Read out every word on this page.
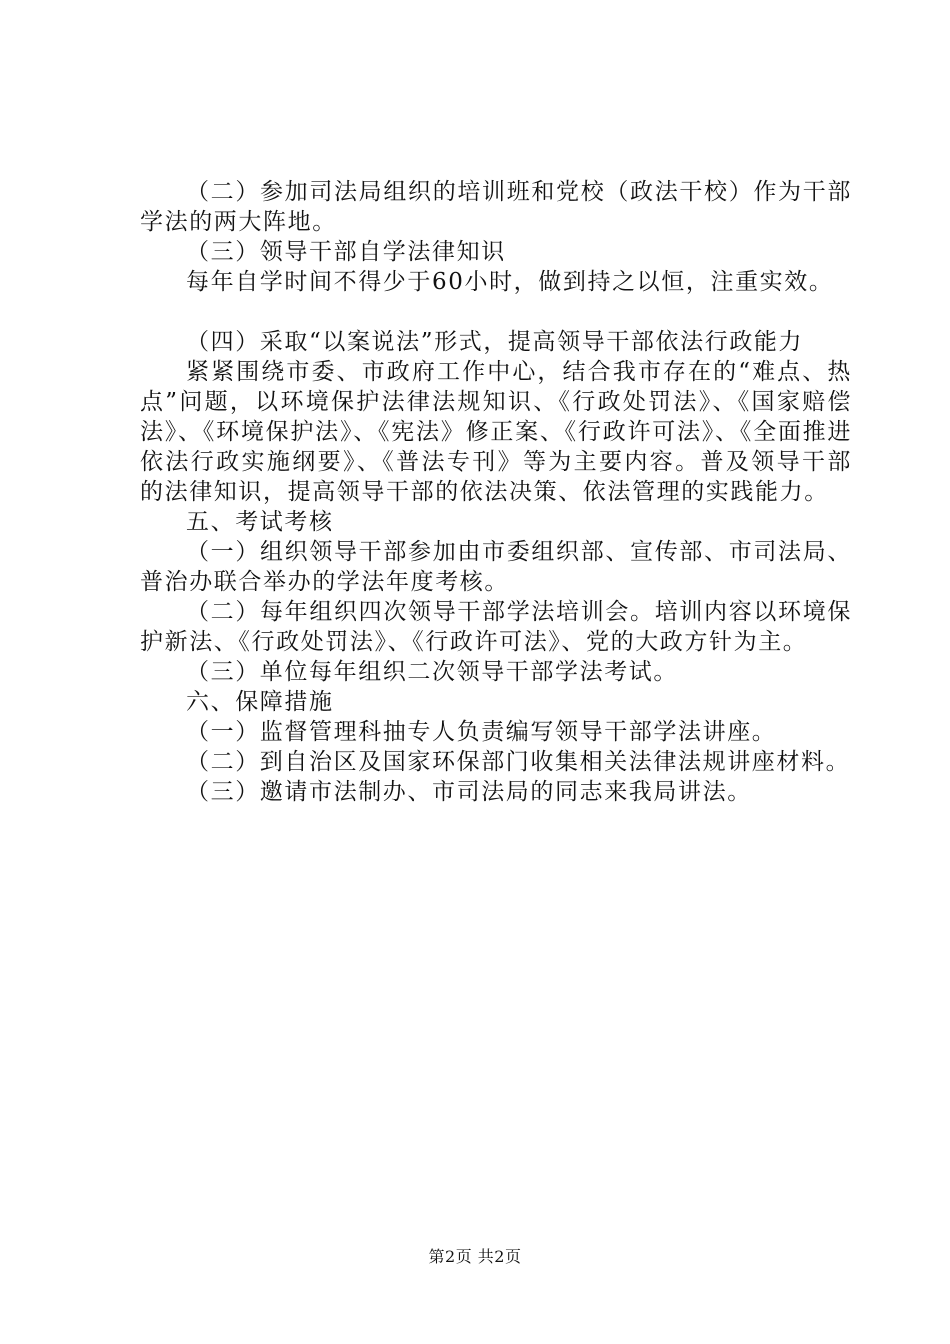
（二）参加司法局组织的培训班和党校（政法干校）作为干部学法的两大阵地。

（三）领导干部自学法律知识

每年自学时间不得少于60小时，做到持之以恒，注重实效。

（四）采取“以案说法”形式，提高领导干部依法行政能力

紧紧围绕市委、市政府工作中心，结合我市存在的“难点、热点”问题，以环境保护法律法规知识、《行政处罚法》、《国家赔偿法》、《环境保护法》、《宪法》修正案、《行政许可法》、《全面推进依法行政实施纲要》、《普法专刊》等为主要内容。普及领导干部的法律知识，提高领导干部的依法决策、依法管理的实践能力。

五、考试考核

（一）组织领导干部参加由市委组织部、宣传部、市司法局、普治办联合举办的学法年度考核。

（二）每年组织四次领导干部学法培训会。培训内容以环境保护新法、《行政处罚法》、《行政许可法》、党的大政方针为主。

（三）单位每年组织二次领导干部学法考试。

六、保障措施

（一）监督管理科抽专人负责编写领导干部学法讲座。

（二）到自治区及国家环保部门收集相关法律法规讲座材料。

（三）邀请市法制办、市司法局的同志来我局讲法。

第2页 共2页
